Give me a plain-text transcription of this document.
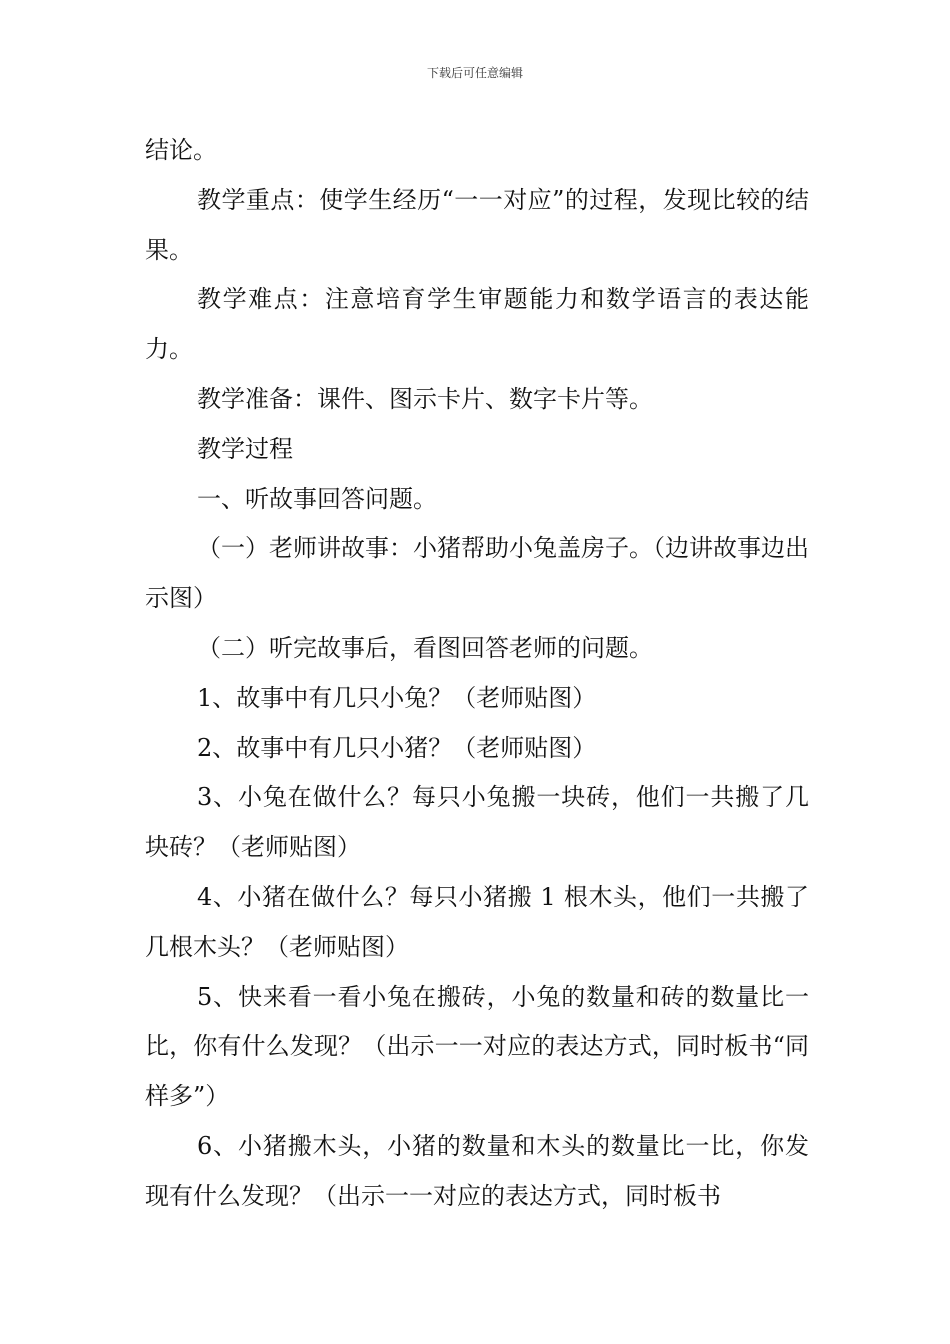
下载后可任意编辑

结论。

教学重点：使学生经历“一一对应”的过程，发现比较的结果。

教学难点：注意培育学生审题能力和数学语言的表达能力。

教学准备：课件、图示卡片、数字卡片等。

教学过程

一、听故事回答问题。

（一）老师讲故事：小猪帮助小兔盖房子。（边讲故事边出示图）

（二）听完故事后，看图回答老师的问题。

1、故事中有几只小兔？（老师贴图）

2、故事中有几只小猪？（老师贴图）

3、小兔在做什么？每只小兔搬一块砖，他们一共搬了几块砖？（老师贴图）

4、小猪在做什么？每只小猪搬 1 根木头，他们一共搬了几根木头？（老师贴图）

5、快来看一看小兔在搬砖，小兔的数量和砖的数量比一比，你有什么发现？（出示一一对应的表达方式，同时板书“同样多”）

6、小猪搬木头，小猪的数量和木头的数量比一比，你发现有什么发现？（出示一一对应的表达方式，同时板书
